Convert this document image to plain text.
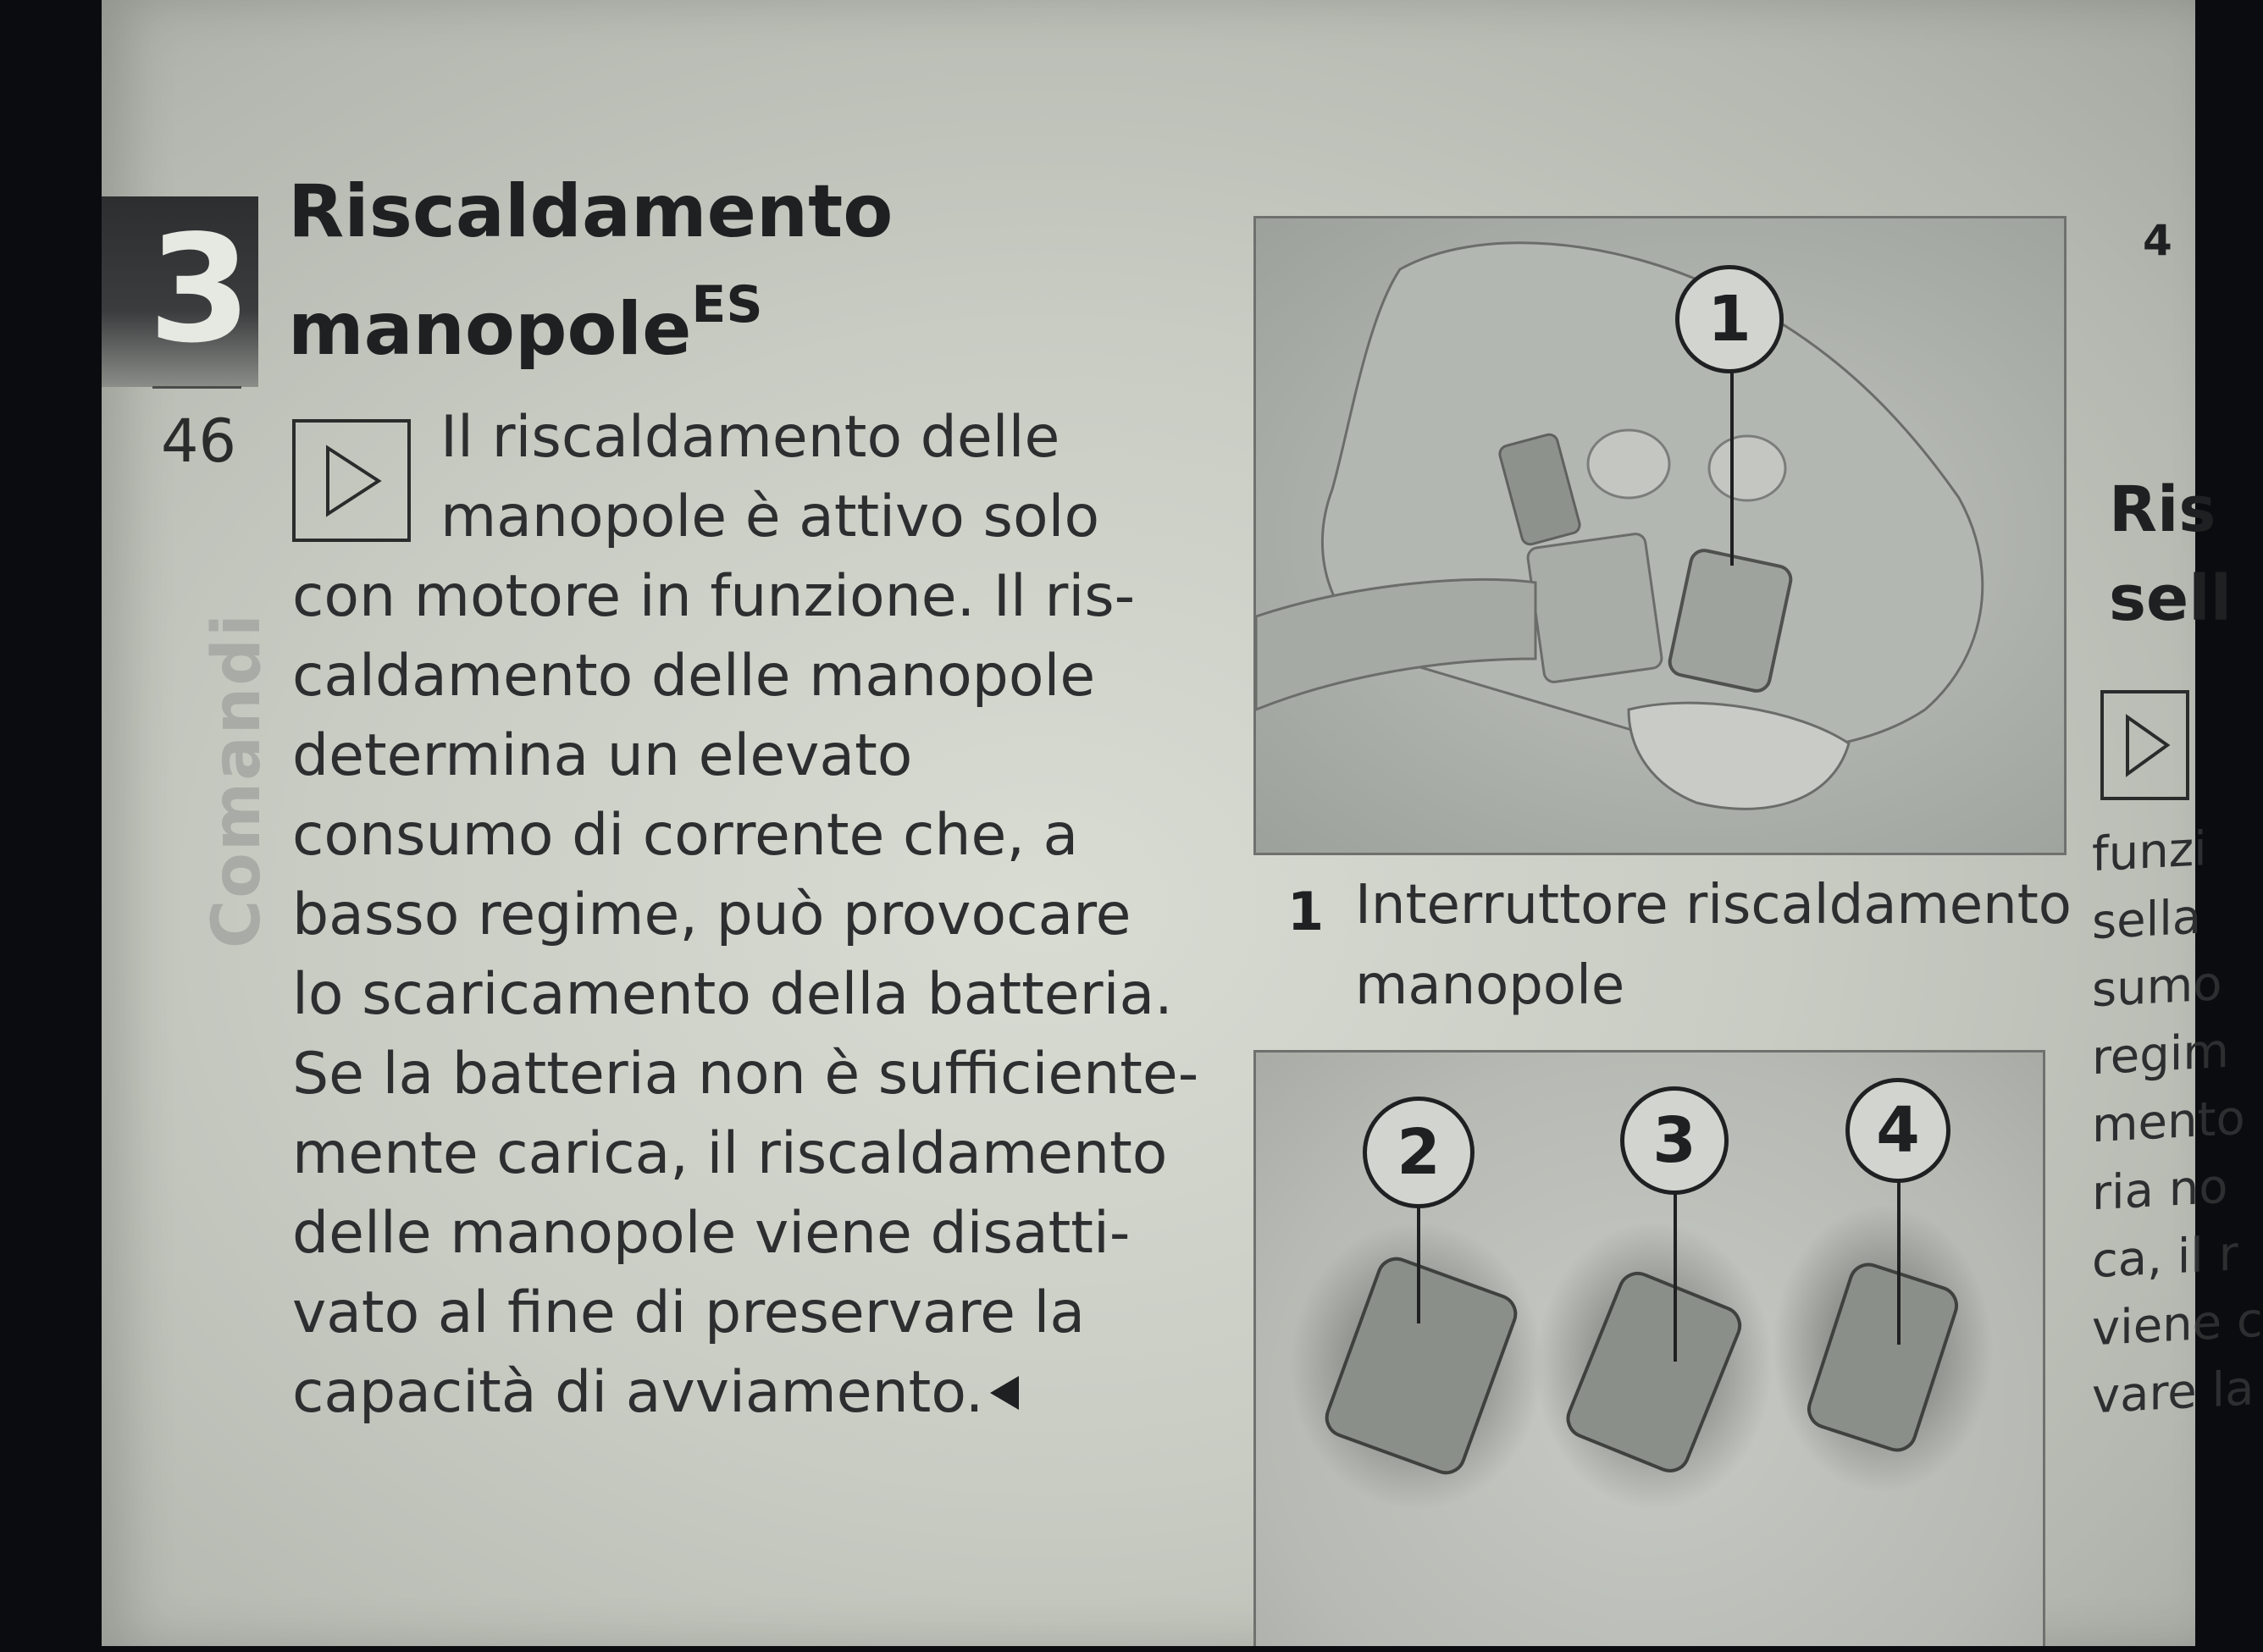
3
46
Comandi
Riscaldamento
manopole$^{ES}$
Il riscaldamento delle
manopole è attivo solo
con motore in funzione. Il ris-
caldamento delle manopole
determina un elevato
consumo di corrente che, a
basso regime, può provocare
lo scaricamento della batteria.
Se la batteria non è sufficiente-
mente carica, il riscaldamento
delle manopole viene disatti-
vato al fine di preservare la
capacità di avviamento.
1
1 Interruttore riscaldamento
manopole
2	3	4
4
Ris
sell
funzi
sella
sumo
regim
mento
ria no
ca, il r
viene c
vare la
